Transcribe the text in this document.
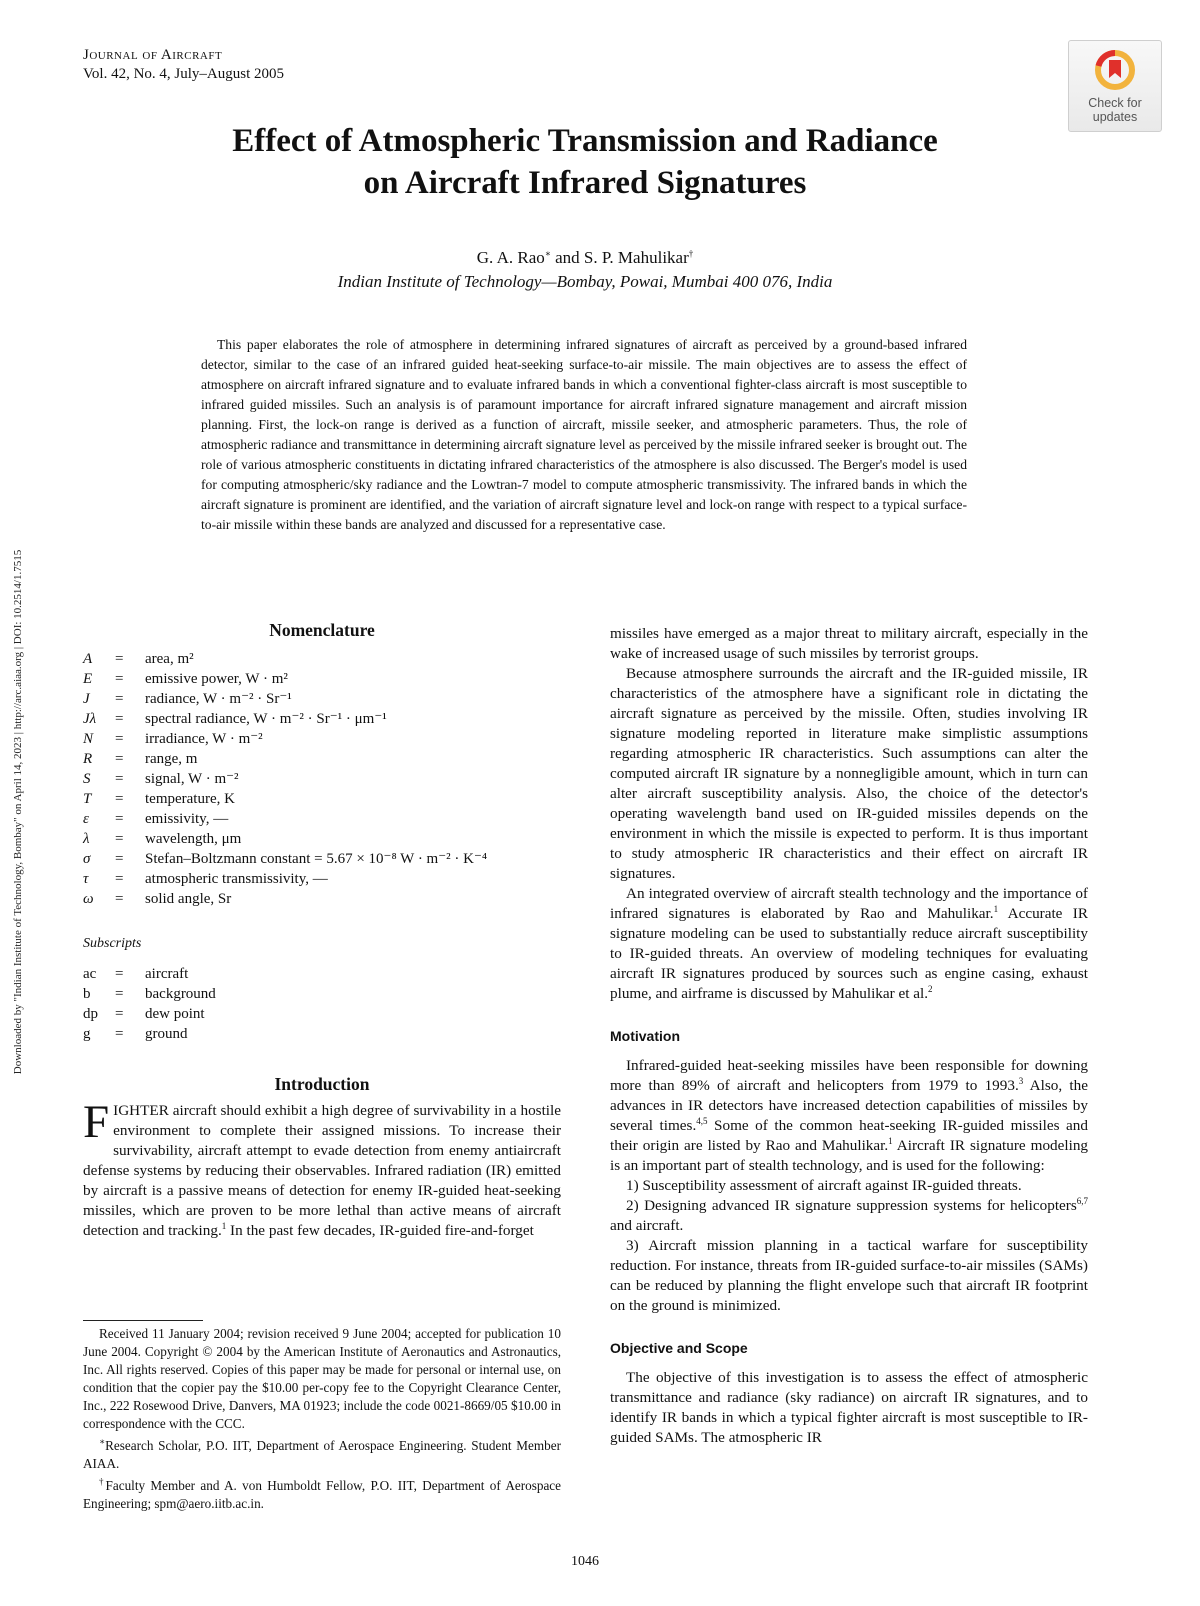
Journal of Aircraft
Vol. 42, No. 4, July–August 2005
Check for
updates
Downloaded by "Indian Institute of Technology, Bombay" on April 14, 2023 | http://arc.aiaa.org | DOI: 10.2514/1.7515
Effect of Atmospheric Transmission and Radiance
on Aircraft Infrared Signatures
G. A. Rao∗ and S. P. Mahulikar†
Indian Institute of Technology—Bombay, Powai, Mumbai 400 076, India
This paper elaborates the role of atmosphere in determining infrared signatures of aircraft as perceived by a ground-based infrared detector, similar to the case of an infrared guided heat-seeking surface-to-air missile. The main objectives are to assess the effect of atmosphere on aircraft infrared signature and to evaluate infrared bands in which a conventional fighter-class aircraft is most susceptible to infrared guided missiles. Such an analysis is of paramount importance for aircraft infrared signature management and aircraft mission planning. First, the lock-on range is derived as a function of aircraft, missile seeker, and atmospheric parameters. Thus, the role of atmospheric radiance and transmittance in determining aircraft signature level as perceived by the missile infrared seeker is brought out. The role of various atmospheric constituents in dictating infrared characteristics of the atmosphere is also discussed. The Berger's model is used for computing atmospheric/sky radiance and the Lowtran-7 model to compute atmospheric transmissivity. The infrared bands in which the aircraft signature is prominent are identified, and the variation of aircraft signature level and lock-on range with respect to a typical surface-to-air missile within these bands are analyzed and discussed for a representative case.
Nomenclature
A	=	area, m²
E	=	emissive power, W · m²
J	=	radiance, W · m⁻² · Sr⁻¹
Jλ	=	spectral radiance, W · m⁻² · Sr⁻¹ · μm⁻¹
N	=	irradiance, W · m⁻²
R	=	range, m
S	=	signal, W · m⁻²
T	=	temperature, K
ε	=	emissivity, —
λ	=	wavelength, μm
σ	=	Stefan–Boltzmann constant = 5.67 × 10⁻⁸ W · m⁻² · K⁻⁴
τ	=	atmospheric transmissivity, —
ω	=	solid angle, Sr
Subscripts
ac	=	aircraft
b	=	background
dp	=	dew point
g	=	ground
Introduction

FIGHTER aircraft should exhibit a high degree of survivability in a hostile environment to complete their assigned missions. To increase their survivability, aircraft attempt to evade detection from enemy antiaircraft defense systems by reducing their observables. Infrared radiation (IR) emitted by aircraft is a passive means of detection for enemy IR-guided heat-seeking missiles, which are proven to be more lethal than active means of aircraft detection and tracking.$^1$ In the past few decades, IR-guided fire-and-forget

Received 11 January 2004; revision received 9 June 2004; accepted for publication 10 June 2004. Copyright © 2004 by the American Institute of Aeronautics and Astronautics, Inc. All rights reserved. Copies of this paper may be made for personal or internal use, on condition that the copier pay the $10.00 per-copy fee to the Copyright Clearance Center, Inc., 222 Rosewood Drive, Danvers, MA 01923; include the code 0021-8669/05 $10.00 in correspondence with the CCC.

∗Research Scholar, P.O. IIT, Department of Aerospace Engineering. Student Member AIAA.

†Faculty Member and A. von Humboldt Fellow, P.O. IIT, Department of Aerospace Engineering; spm@aero.iitb.ac.in.

missiles have emerged as a major threat to military aircraft, especially in the wake of increased usage of such missiles by terrorist groups.

Because atmosphere surrounds the aircraft and the IR-guided missile, IR characteristics of the atmosphere have a significant role in dictating the aircraft signature as perceived by the missile. Often, studies involving IR signature modeling reported in literature make simplistic assumptions regarding atmospheric IR characteristics. Such assumptions can alter the computed aircraft IR signature by a nonnegligible amount, which in turn can alter aircraft susceptibility analysis. Also, the choice of the detector's operating wavelength band used on IR-guided missiles depends on the environment in which the missile is expected to perform. It is thus important to study atmospheric IR characteristics and their effect on aircraft IR signatures.

An integrated overview of aircraft stealth technology and the importance of infrared signatures is elaborated by Rao and Mahulikar.$^1$ Accurate IR signature modeling can be used to substantially reduce aircraft susceptibility to IR-guided threats. An overview of modeling techniques for evaluating aircraft IR signatures produced by sources such as engine casing, exhaust plume, and airframe is discussed by Mahulikar et al.$^2$

Motivation

Infrared-guided heat-seeking missiles have been responsible for downing more than 89% of aircraft and helicopters from 1979 to 1993.$^3$ Also, the advances in IR detectors have increased detection capabilities of missiles by several times.$^{4,5}$ Some of the common heat-seeking IR-guided missiles and their origin are listed by Rao and Mahulikar.$^1$ Aircraft IR signature modeling is an important part of stealth technology, and is used for the following:

1) Susceptibility assessment of aircraft against IR-guided threats.

2) Designing advanced IR signature suppression systems for helicopters$^{6,7}$ and aircraft.

3) Aircraft mission planning in a tactical warfare for susceptibility reduction. For instance, threats from IR-guided surface-to-air missiles (SAMs) can be reduced by planning the flight envelope such that aircraft IR footprint on the ground is minimized.

Objective and Scope

The objective of this investigation is to assess the effect of atmospheric transmittance and radiance (sky radiance) on aircraft IR signatures, and to identify IR bands in which a typical fighter aircraft is most susceptible to IR-guided SAMs. The atmospheric IR

1046
